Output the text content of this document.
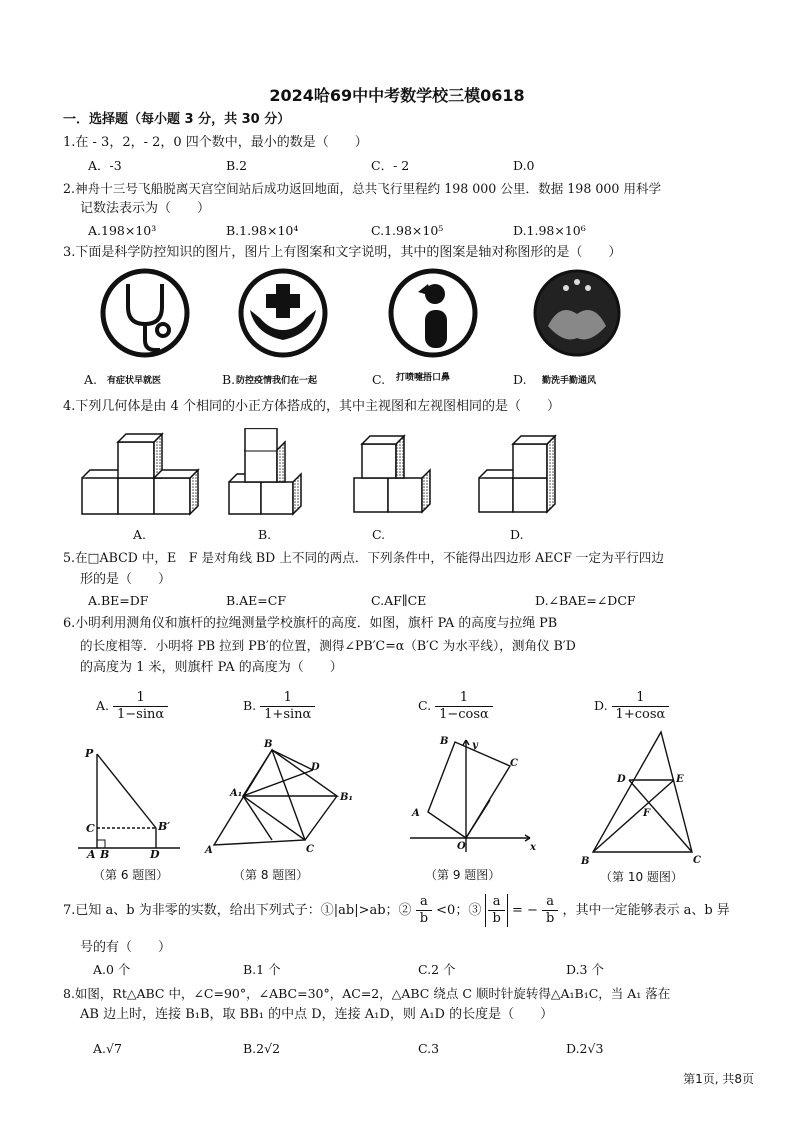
2024哈69中中考数学校三模0618
一．选择题（每小题 3 分，共 30 分）
1.在 - 3，2，- 2，0 四个数中，最小的数是（　　）
A．-3	B.2	C．- 2	D.0
2.神舟十三号飞船脱离天宫空间站后成功返回地面，总共飞行里程约 198 000 公里．数据 198 000 用科学
记数法表示为（　　）
A.198×10³	B.1.98×10⁴	C.1.98×10⁵	D.1.98×10⁶
3.下面是科学防控知识的图片，图片上有图案和文字说明，其中的图案是轴对称图形的是（　　）
A. 有症状早就医	B. 防控疫情我们在一起	C. 打喷嚏捂口鼻	D. 勤洗手勤通风
4.下列几何体是由 4 个相同的小正方体搭成的，其中主视图和左视图相同的是（　　）
A.	B.	C.	D.
5.在□ABCD 中，E　F 是对角线 BD 上不同的两点．下列条件中，不能得出四边形 AECF 一定为平行四边
形的是（　　）
A.BE=DF	B.AE=CF	C.AF∥CE	D.∠BAE=∠DCF
6.小明利用测角仪和旗杆的拉绳测量学校旗杆的高度．如图，旗杆 PA 的高度与拉绳 PB
的长度相等．小明将 PB 拉到 PB′的位置，测得∠PB′C=α（B′C 为水平线），测角仪 B′D
的高度为 1 米，则旗杆 PA 的高度为（　　）
A. $\frac{1}{1-\sin\alpha}$	B. $\frac{1}{1+\sin\alpha}$	C. $\frac{1}{1-\cos\alpha}$	D. $\frac{1}{1+\cos\alpha}$
P
C	B′
A B	D
B
D
A₁	B₁
A	C
B
C
A
O	x
y
D	E
F
B	C
（第 6 题图）	（第 8 题图）	（第 9 题图）	（第 10 题图）
7.已知 a、b 为非零的实数，给出下列式子：①|ab|>ab；② $\frac{a}{b} <0$；③ $\frac{a}{b}$ = − $\frac{a}{b}$ ，其中一定能够表示 a、b 异
号的有（　　）
A.0 个	B.1 个	C.2 个	D.3 个
8.如图，Rt△ABC 中，∠C=90°，∠ABC=30°，AC=2，△ABC 绕点 C 顺时针旋转得△A₁B₁C，当 A₁ 落在
AB 边上时，连接 B₁B，取 BB₁ 的中点 D，连接 A₁D，则 A₁D 的长度是（　　）
A.√7	B.2√2	C.3	D.2√3
第1页, 共8页
